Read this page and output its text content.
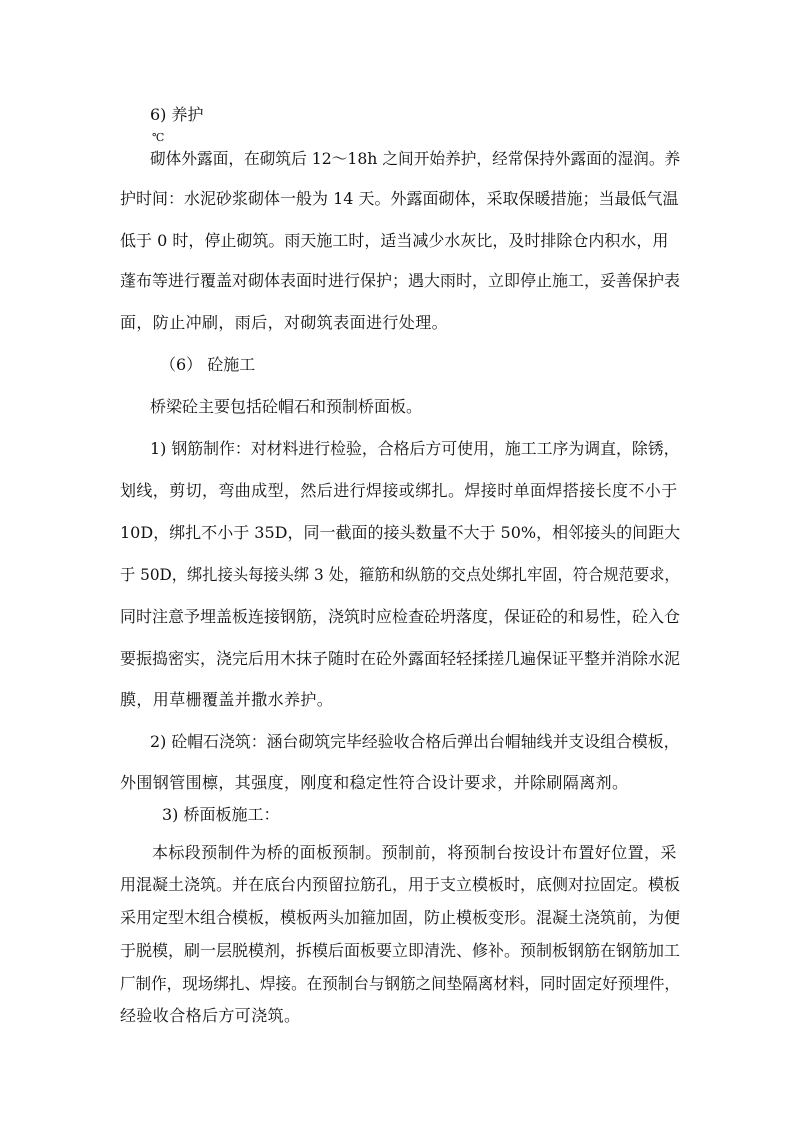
6) 养护
℃
砌体外露面，在砌筑后 12～18h 之间开始养护，经常保持外露面的湿润。养
护时间：水泥砂浆砌体一般为 14 天。外露面砌体，采取保暖措施；当最低气温
低于 0 时，停止砌筑。雨天施工时，适当减少水灰比，及时排除仓内积水，用
蓬布等进行覆盖对砌体表面时进行保护；遇大雨时，立即停止施工，妥善保护表
面，防止冲刷，雨后，对砌筑表面进行处理。
（6） 砼施工
桥梁砼主要包括砼帽石和预制桥面板。
1) 钢筋制作：对材料进行检验，合格后方可使用，施工工序为调直，除锈，
划线，剪切，弯曲成型，然后进行焊接或绑扎。焊接时单面焊搭接长度不小于
10D，绑扎不小于 35D，同一截面的接头数量不大于 50%，相邻接头的间距大
于 50D，绑扎接头每接头绑 3 处，箍筋和纵筋的交点处绑扎牢固，符合规范要求，
同时注意予埋盖板连接钢筋，浇筑时应检查砼坍落度，保证砼的和易性，砼入仓
要振捣密实，浇完后用木抹子随时在砼外露面轻轻揉搓几遍保证平整并消除水泥
膜，用草栅覆盖并撒水养护。
2) 砼帽石浇筑：涵台砌筑完毕经验收合格后弹出台帽轴线并支设组合模板，
外围钢管围檩，其强度，刚度和稳定性符合设计要求，并除刷隔离剂。
3) 桥面板施工：
本标段预制件为桥的面板预制。预制前，将预制台按设计布置好位置，采
用混凝土浇筑。并在底台内预留拉筋孔，用于支立模板时，底侧对拉固定。模板
采用定型木组合模板，模板两头加箍加固，防止模板变形。混凝土浇筑前，为便
于脱模，刷一层脱模剂，拆模后面板要立即清洗、修补。预制板钢筋在钢筋加工
厂制作，现场绑扎、焊接。在预制台与钢筋之间垫隔离材料，同时固定好预埋件，
经验收合格后方可浇筑。
